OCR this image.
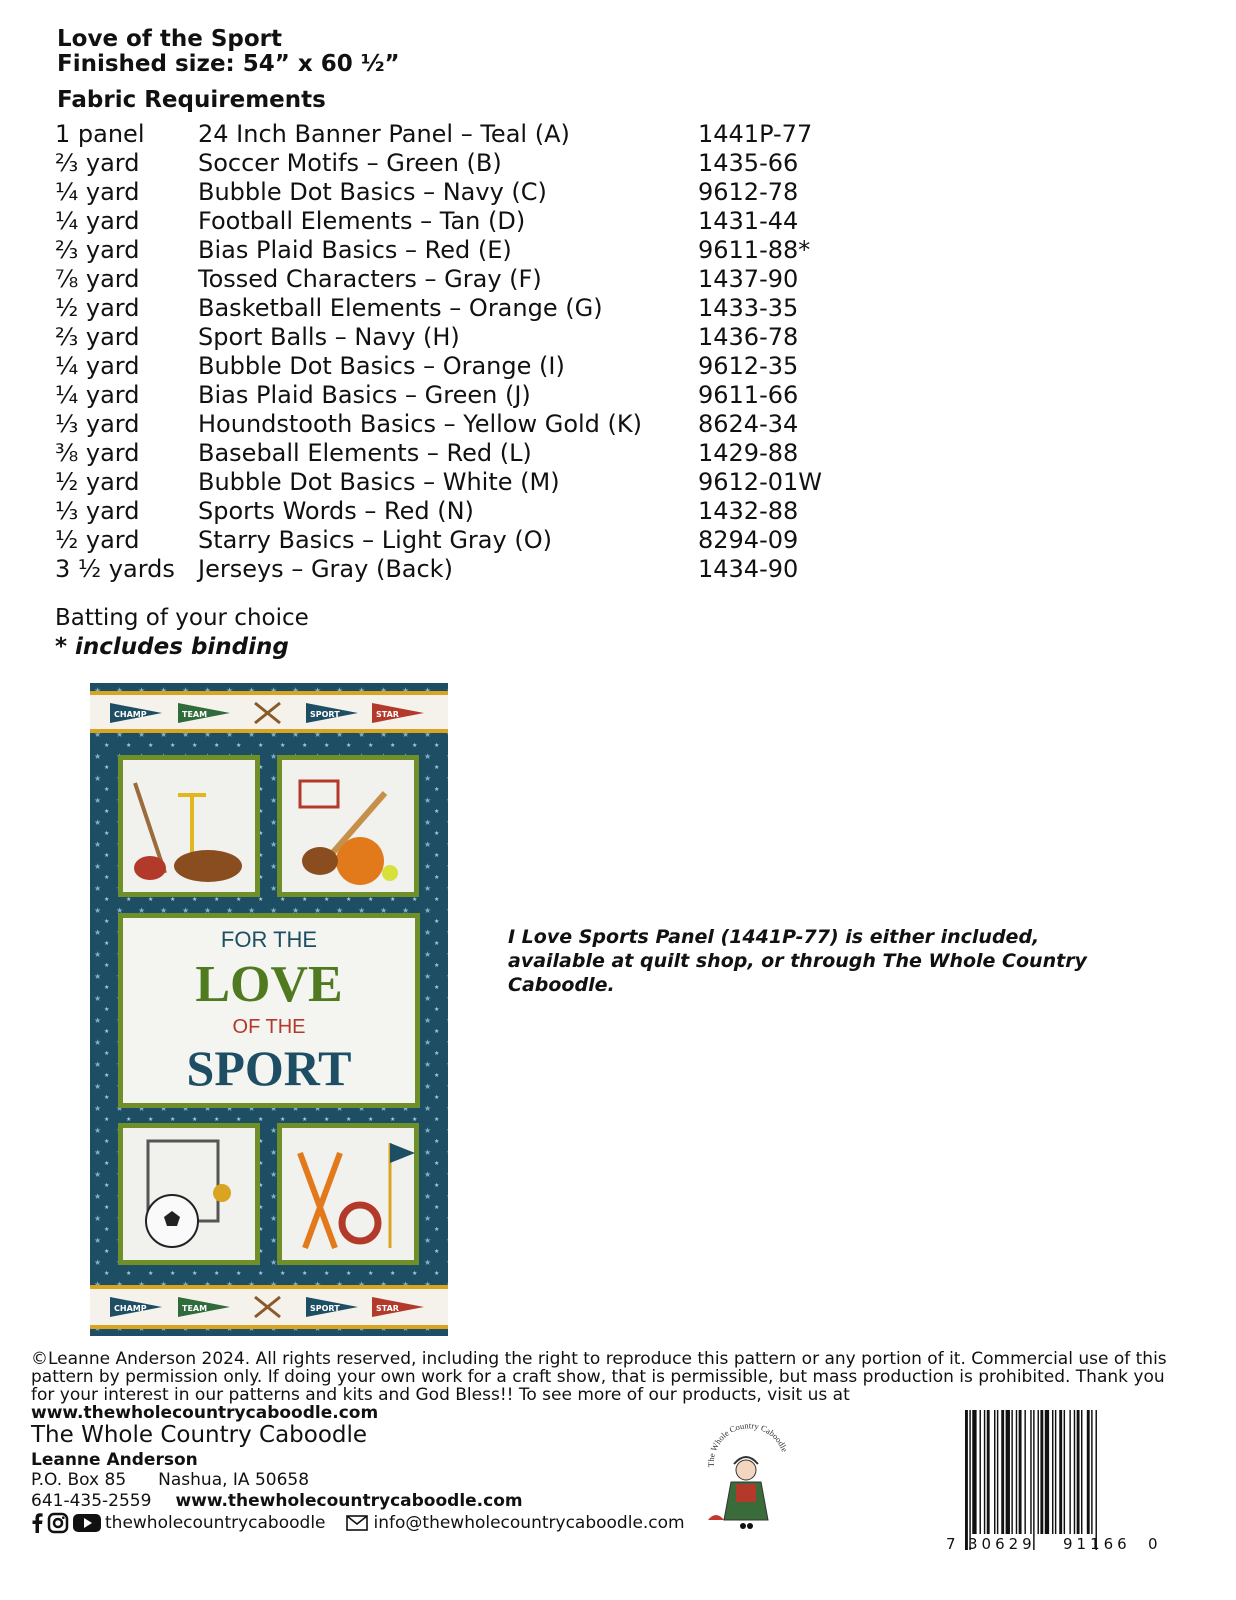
Love of the Sport
Finished size: 54” x 60 ½”
Fabric Requirements
1 panel	24 Inch Banner Panel – Teal (A)	1441P-77
⅔ yard	Soccer Motifs – Green (B)	1435-66
¼ yard	Bubble Dot Basics – Navy (C)	9612-78
¼ yard	Football Elements – Tan (D)	1431-44
⅔ yard	Bias Plaid Basics – Red (E)	9611-88*
⅞ yard	Tossed Characters – Gray (F)	1437-90
½ yard	Basketball Elements – Orange (G)	1433-35
⅔ yard	Sport Balls – Navy (H)	1436-78
¼ yard	Bubble Dot Basics – Orange (I)	9612-35
¼ yard	Bias Plaid Basics – Green (J)	9611-66
⅓ yard	Houndstooth Basics – Yellow Gold (K)	8624-34
⅜ yard	Baseball Elements – Red (L)	1429-88
½ yard	Bubble Dot Basics – White (M)	9612-01W
⅓ yard	Sports Words – Red (N)	1432-88
½ yard	Starry Basics – Light Gray (O)	8294-09
3 ½ yards	Jerseys – Gray (Back)	1434-90
Batting of your choice
* includes binding
CHAMP	TEAM	SPORT	STAR
FOR THE
LOVE
OF THE
SPORT
CHAMP	TEAM	SPORT	STAR
I Love Sports Panel (1441P-77) is either included, available at quilt shop, or through The Whole Country Caboodle.
©Leanne Anderson 2024. All rights reserved, including the right to reproduce this pattern or any portion of it. Commercial use of this pattern by permission only. If doing your own work for a craft show, that is permissible, but mass production is prohibited. Thank you for your interest in our patterns and kits and God Bless!! To see more of our products, visit us at www.thewholecountrycaboodle.com
The Whole Country Caboodle
Leanne Anderson
P.O. Box 85 Nashua, IA 50658
641-435-2559 www.thewholecountrycaboodle.com
thewholecountrycaboodle	info@thewholecountrycaboodle.com
The Whole Country Caboodle
7 30629 91166 0
